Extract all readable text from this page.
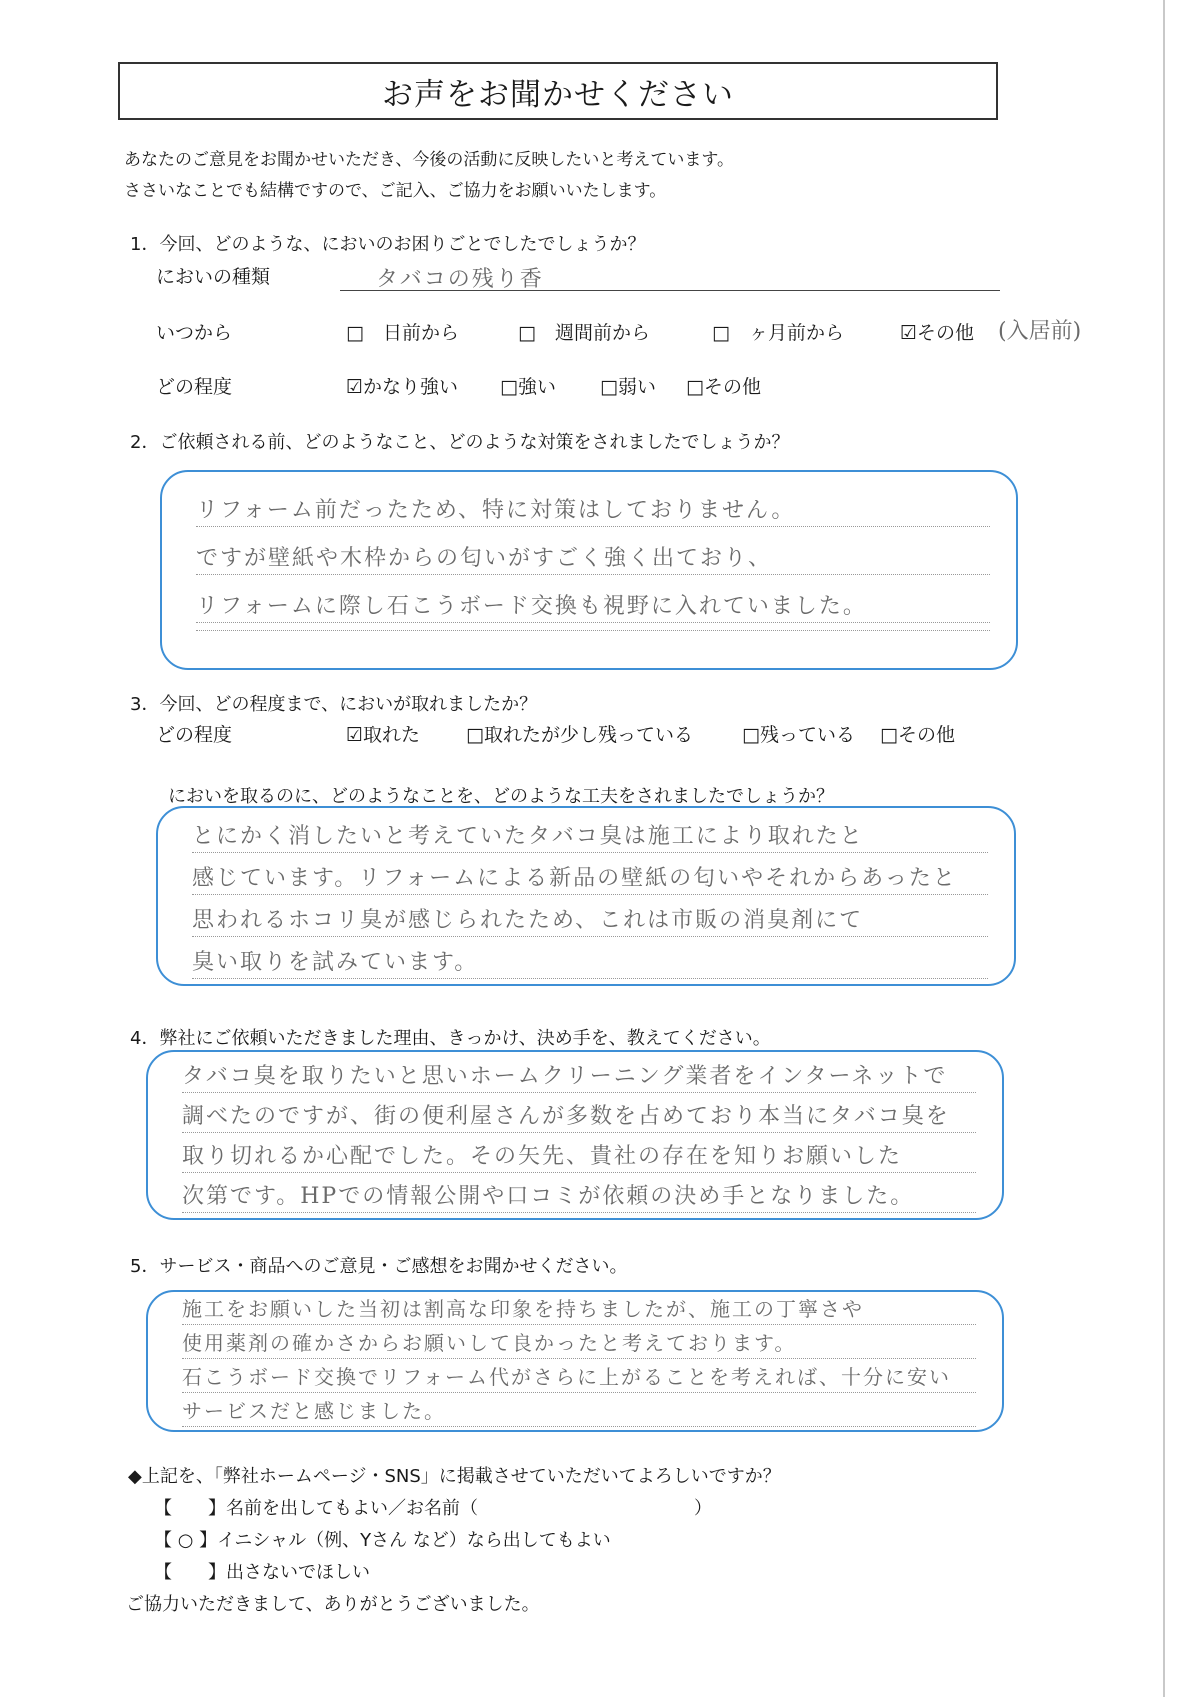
お声をお聞かせください
あなたのご意見をお聞かせいただき、今後の活動に反映したいと考えています。
ささいなことでも結構ですので、ご記入、ご協力をお願いいたします。
1．今回、どのような、においのお困りごとでしたでしょうか？
においの種類	タバコの残り香
いつから	□　日前から	□　週間前から	□　ヶ月前から	☑その他 (入居前)
どの程度	☑かなり強い □強い □弱い □その他
2．ご依頼される前、どのようなこと、どのような対策をされましたでしょうか？
リフォーム前だったため、特に対策はしておりません。
ですが壁紙や木枠からの匂いがすごく強く出ており、
リフォームに際し石こうボード交換も視野に入れていました。
3．今回、どの程度まで、においが取れましたか？
どの程度	☑取れた □取れたが少し残っている	□残っている □その他
においを取るのに、どのようなことを、どのような工夫をされましたでしょうか？
とにかく消したいと考えていたタバコ臭は施工により取れたと
感じています。リフォームによる新品の壁紙の匂いやそれからあったと
思われるホコリ臭が感じられたため、これは市販の消臭剤にて
臭い取りを試みています。
4．弊社にご依頼いただきました理由、きっかけ、決め手を、教えてください。
タバコ臭を取りたいと思いホームクリーニング業者をインターネットで
調べたのですが、街の便利屋さんが多数を占めており本当にタバコ臭を
取り切れるか心配でした。その矢先、貴社の存在を知りお願いした
次第です。HPでの情報公開や口コミが依頼の決め手となりました。
5．サービス・商品へのご意見・ご感想をお聞かせください。
施工をお願いした当初は割高な印象を持ちましたが、施工の丁寧さや
使用薬剤の確かさからお願いして良かったと考えております。
石こうボード交換でリフォーム代がさらに上がることを考えれば、十分に安い
サービスだと感じました。
◆上記を、「弊社ホームページ・SNS」に掲載させていただいてよろしいですか？
【　　】名前を出してもよい／お名前（　　　　　　　　　　　　）
【 ○ 】イニシャル（例、Yさん など）なら出してもよい
【　　】出さないでほしい
ご協力いただきまして、ありがとうございました。
